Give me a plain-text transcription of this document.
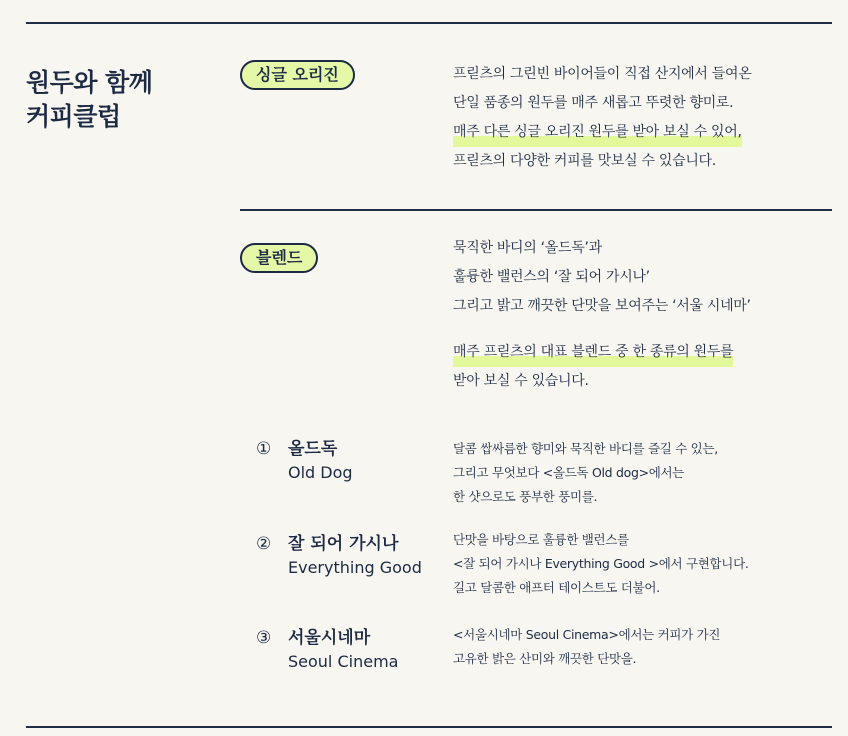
원두와 함께
커피클럽
싱글 오리진	프릳츠의 그린빈 바이어들이 직접 산지에서 들여온
단일 품종의 원두를 매주 새롭고 뚜렷한 향미로.
매주 다른 싱글 오리진 원두를 받아 보실 수 있어,
프릳츠의 다양한 커피를 맛보실 수 있습니다.
블렌드	묵직한 바디의 ‘올드독’과
훌륭한 밸런스의 ‘잘 되어 가시나’
그리고 밝고 깨끗한 단맛을 보여주는 ‘서울 시네마’
매주 프릳츠의 대표 블렌드 중 한 종류의 원두를
받아 보실 수 있습니다.
① 올드독
Old Dog
달콤 쌉싸름한 향미와 묵직한 바디를 즐길 수 있는,
그리고 무엇보다 <올드독 Old dog>에서는
한 샷으로도 풍부한 풍미를.
② 잘 되어 가시나
Everything Good
단맛을 바탕으로 훌륭한 밸런스를
<잘 되어 가시나 Everything Good >에서 구현합니다.
길고 달콤한 애프터 테이스트도 더불어.
③ 서울시네마
Seoul Cinema
<서울시네마 Seoul Cinema>에서는 커피가 가진
고유한 밝은 산미와 깨끗한 단맛을.
